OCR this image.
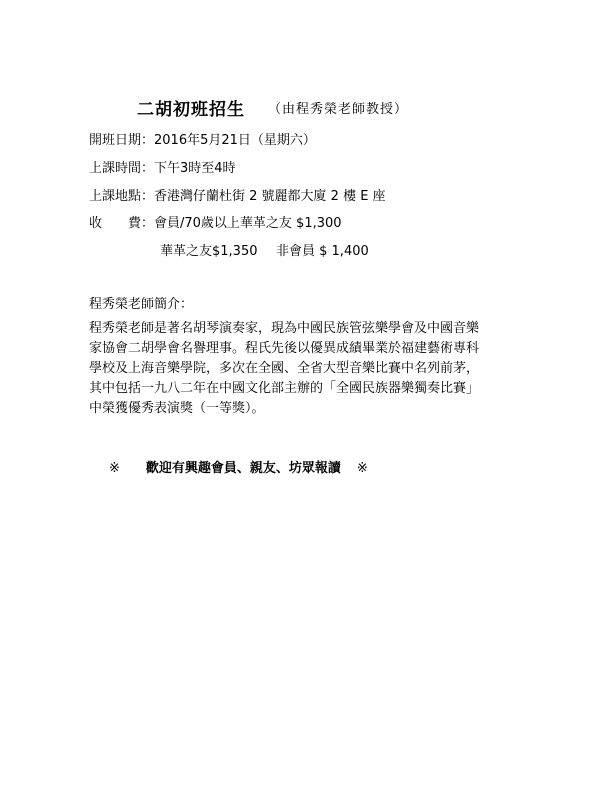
二胡初班招生 （由程秀榮老師教授）
開班日期：2016年5月21日（星期六）
上課時間：下午3時至4時
上課地點：香港灣仔蘭杜街 2 號麗都大廈 2 樓 E 座
收　　費：會員/70歲以上華革之友 $1,300
華革之友$1,350 非會員 $ 1,400
程秀榮老師簡介：
程秀榮老師是著名胡琴演奏家，現為中國民族管弦樂學會及中國音樂
家協會二胡學會名譽理事。程氏先後以優異成績畢業於福建藝術專科
學校及上海音樂學院，多次在全國、全省大型音樂比賽中名列前茅，
其中包括一九八二年在中國文化部主辦的「全國民族器樂獨奏比賽」
中榮獲優秀表演獎（一等獎）。
※ 歡迎有興趣會員、親友、坊眾報讀 ※
